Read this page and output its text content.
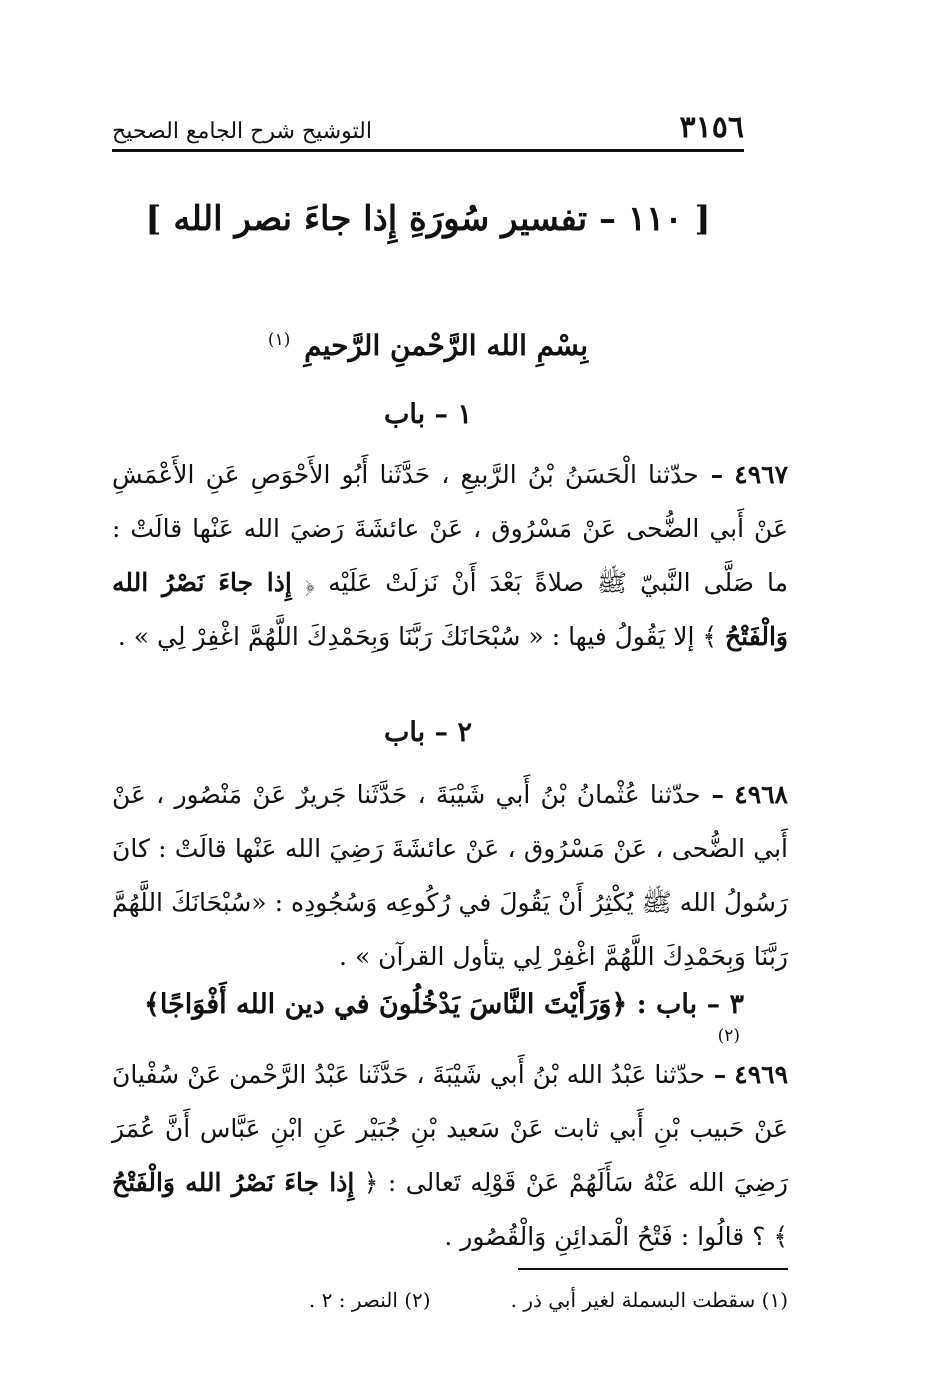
٣١٥٦
التوشيح شرح الجامع الصحيح
[ ١١٠ – تفسير سُورَةِ إِذا جاءَ نصر الله ]
بِسْمِ الله الرَّحْمنِ الرَّحيمِ $^{(١)}$
١ – باب
٤٩٦٧ – حدّثنا الْحَسَنُ بْنُ الرَّبيعِ ، حَدَّثَنا أَبُو الأَحْوَصِ عَنِ الأَعْمَشِ عَنْ أَبي الضُّحى عَنْ مَسْرُوق ، عَنْ عائشَةَ رَضيَ الله عَنْها قالَتْ : ما صَلَّى النَّبيّ ﷺ صلاةً بَعْدَ أَنْ نَزلَتْ عَلَيْه ﴿ إِذا جاءَ نَصْرُ الله وَالْفَتْحُ ﴾ إلا يَقُولُ فيها : « سُبْحَانَكَ رَبَّنَا وَبِحَمْدِكَ اللَّهُمَّ اغْفِرْ لِي » .
٢ – باب
٤٩٦٨ – حدّثنا عُثْمانُ بْنُ أَبي شَيْبَةَ ، حَدَّثَنا جَريرٌ عَنْ مَنْصُور ، عَنْ أَبي الضُّحى ، عَنْ مَسْرُوق ، عَنْ عائشَةَ رَضِيَ الله عَنْها قالَتْ : كانَ رَسُولُ الله ﷺ يُكْثِرُ أَنْ يَقُولَ في رُكُوعِه وَسُجُودِه : «سُبْحَانَكَ اللَّهُمَّ رَبَّنَا وَبِحَمْدِكَ اللَّهُمَّ اغْفِرْ لِي يتأول القرآن » .
٣ – باب : ﴿وَرَأَيْتَ النَّاسَ يَدْخُلُونَ في دين الله أَفْوَاجًا﴾ $^{(٢)}$
٤٩٦٩ – حدّثنا عَبْدُ الله بْنُ أَبي شَيْبَةَ ، حَدَّثَنا عَبْدُ الرَّحْمن عَنْ سُفْيانَ عَنْ حَبيب بْنِ أَبي ثابت عَنْ سَعيد بْنِ جُبَيْر عَنِ ابْنِ عَبَّاس أَنَّ عُمَرَ رَضِيَ الله عَنْهُ سَأَلَهُمْ عَنْ قَوْلِه تَعالى : ﴿ إِذا جاءَ نَصْرُ الله وَالْفَتْحُ ﴾ ؟ قالُوا : فَتْحُ الْمَدائِنِ وَالْقُصُور .
(١) سقطت البسملة لغير أبي ذر .
(٢) النصر : ٢ .
